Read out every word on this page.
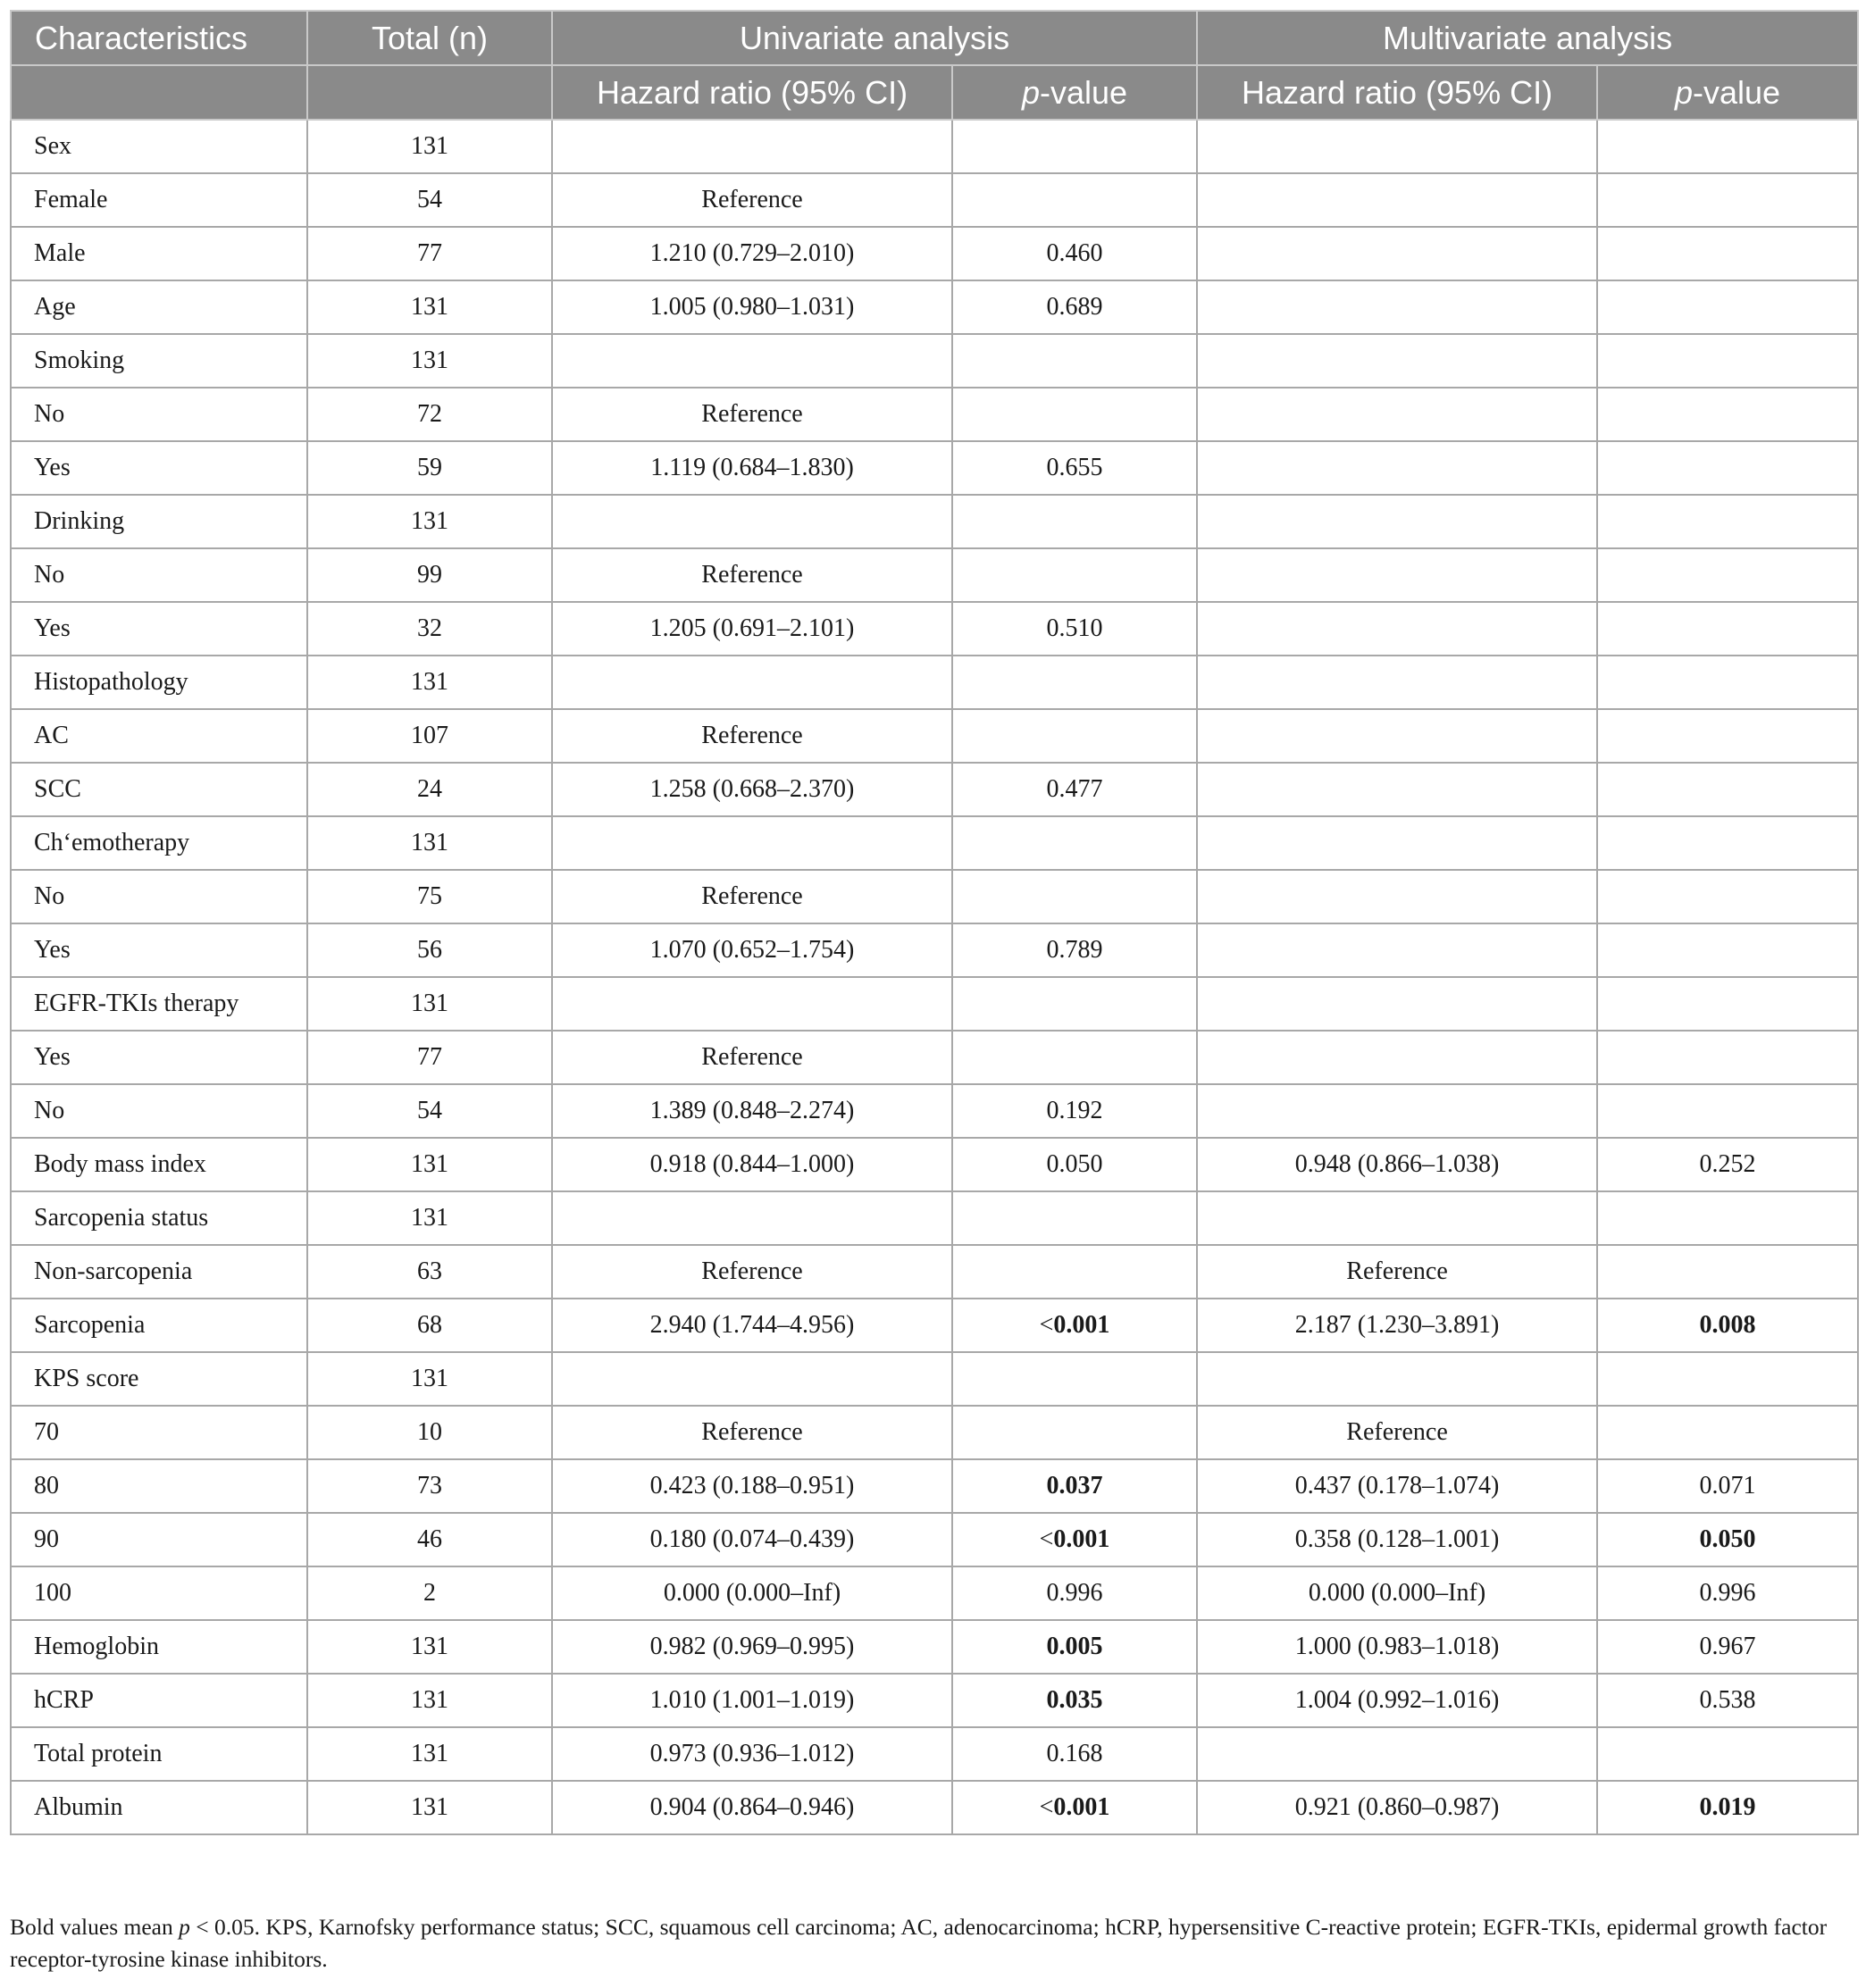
Characteristics	Total (n)	Univariate analysis		Multivariate analysis	
		Hazard ratio (95% CI)	p-value	Hazard ratio (95% CI)	p-value
Sex	131				
Female	54	Reference			
Male	77	1.210 (0.729–2.010)	0.460		
Age	131	1.005 (0.980–1.031)	0.689		
Smoking	131				
No	72	Reference			
Yes	59	1.119 (0.684–1.830)	0.655		
Drinking	131				
No	99	Reference			
Yes	32	1.205 (0.691–2.101)	0.510		
Histopathology	131				
AC	107	Reference			
SCC	24	1.258 (0.668–2.370)	0.477		
Ch‘emotherapy	131				
No	75	Reference			
Yes	56	1.070 (0.652–1.754)	0.789		
EGFR-TKIs therapy	131				
Yes	77	Reference			
No	54	1.389 (0.848–2.274)	0.192		
Body mass index	131	0.918 (0.844–1.000)	0.050	0.948 (0.866–1.038)	0.252
Sarcopenia status	131				
Non-sarcopenia	63	Reference		Reference	
Sarcopenia	68	2.940 (1.744–4.956)	<0.001	2.187 (1.230–3.891)	0.008
KPS score	131				
70	10	Reference		Reference	
80	73	0.423 (0.188–0.951)	0.037	0.437 (0.178–1.074)	0.071
90	46	0.180 (0.074–0.439)	<0.001	0.358 (0.128–1.001)	0.050
100	2	0.000 (0.000–Inf)	0.996	0.000 (0.000–Inf)	0.996
Hemoglobin	131	0.982 (0.969–0.995)	0.005	1.000 (0.983–1.018)	0.967
hCRP	131	1.010 (1.001–1.019)	0.035	1.004 (0.992–1.016)	0.538
Total protein	131	0.973 (0.936–1.012)	0.168		
Albumin	131	0.904 (0.864–0.946)	<0.001	0.921 (0.860–0.987)	0.019
Bold values mean p < 0.05. KPS, Karnofsky performance status; SCC, squamous cell carcinoma; AC, adenocarcinoma; hCRP, hypersensitive C-reactive protein; EGFR-TKIs, epidermal growth factor receptor-tyrosine kinase inhibitors.
